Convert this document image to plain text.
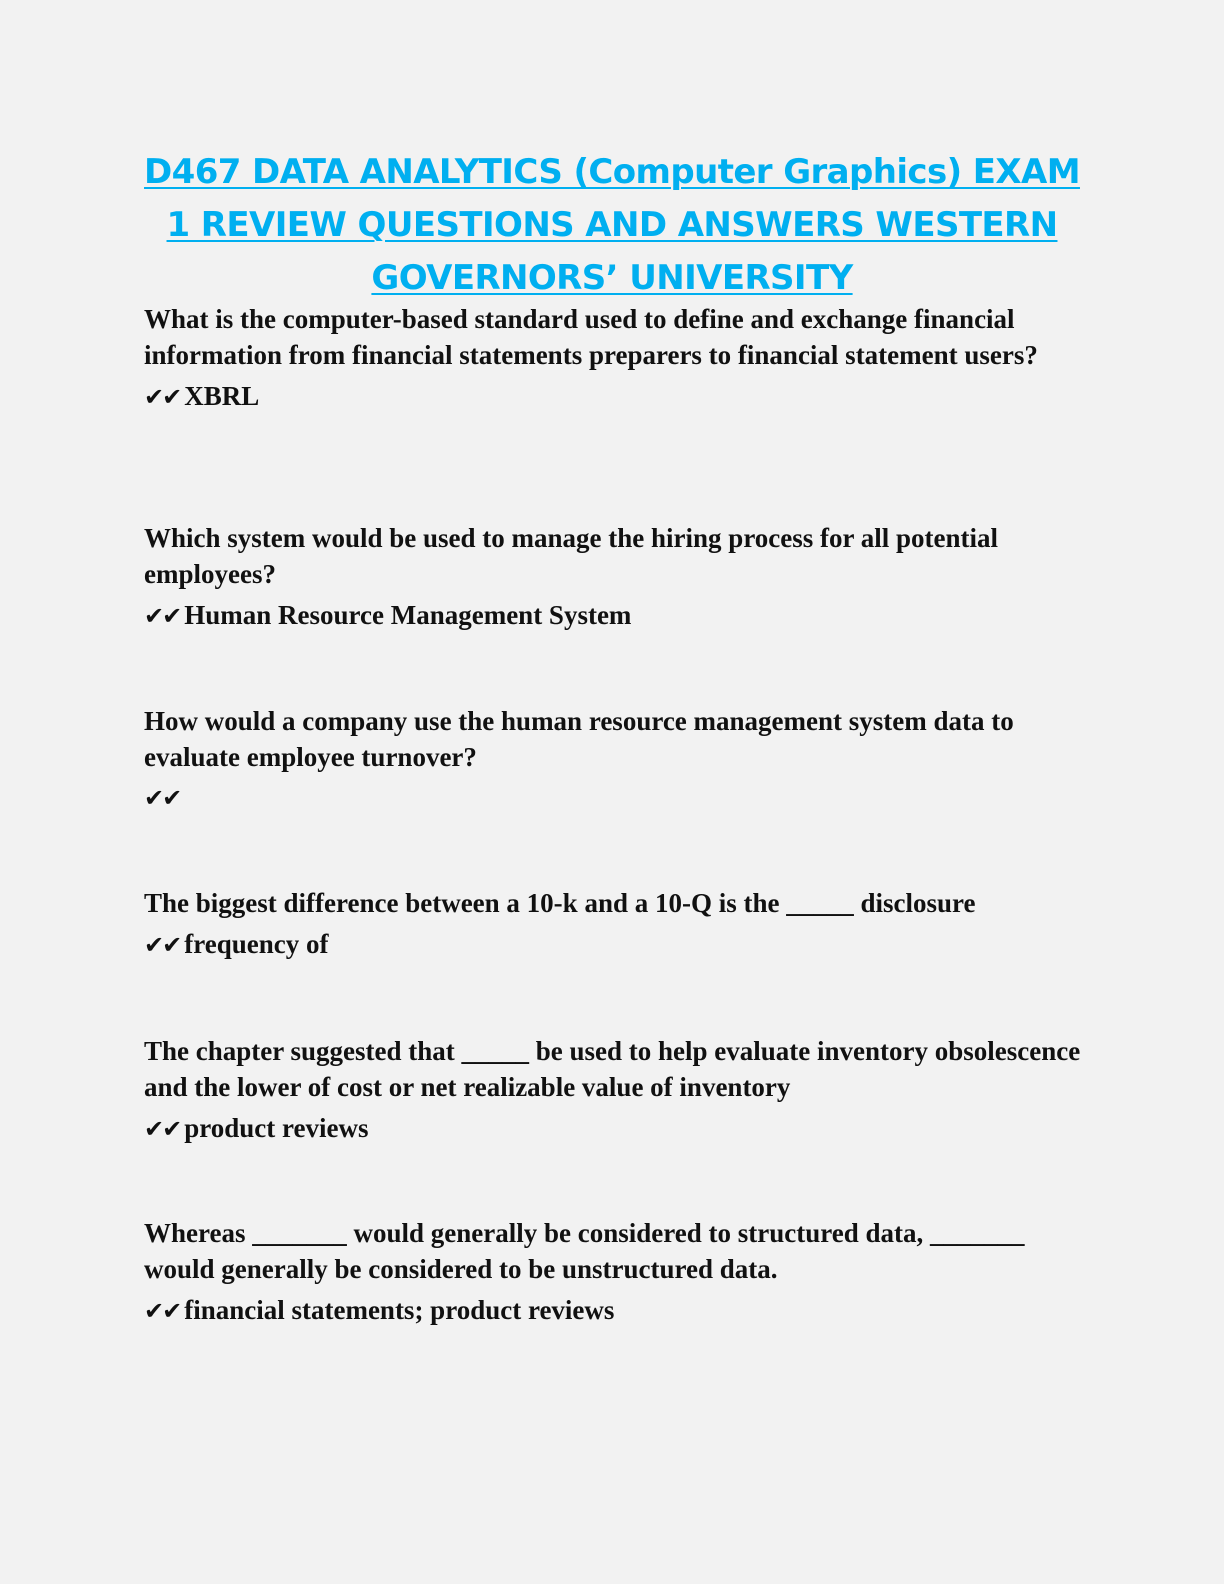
D467 DATA ANALYTICS (Computer Graphics) EXAM
1 REVIEW QUESTIONS AND ANSWERS WESTERN
GOVERNORS’ UNIVERSITY

What is the computer-based standard used to define and exchange financial information from financial statements preparers to financial statement users?

✔✔ XBRL

Which system would be used to manage the hiring process for all potential employees?

✔✔ Human Resource Management System

How would a company use the human resource management system data to evaluate employee turnover?

✔✔

The biggest difference between a 10-k and a 10-Q is the _____ disclosure

✔✔ frequency of

The chapter suggested that _____ be used to help evaluate inventory obsolescence and the lower of cost or net realizable value of inventory

✔✔ product reviews

Whereas _______ would generally be considered to structured data, _______ would generally be considered to be unstructured data.

✔✔ financial statements; product reviews
